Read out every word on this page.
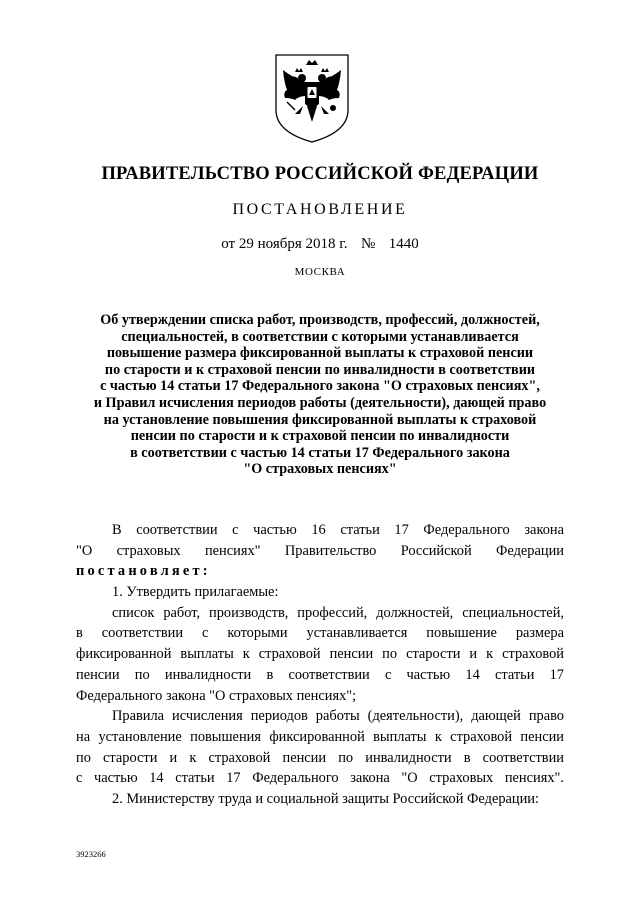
ПРАВИТЕЛЬСТВО РОССИЙСКОЙ ФЕДЕРАЦИИ
ПОСТАНОВЛЕНИЕ
от 29 ноября 2018 г. № 1440
МОСКВА
Об утверждении списка работ, производств, профессий, должностей,
специальностей, в соответствии с которыми устанавливается
повышение размера фиксированной выплаты к страховой пенсии
по старости и к страховой пенсии по инвалидности в соответствии
с частью 14 статьи 17 Федерального закона "О страховых пенсиях",
и Правил исчисления периодов работы (деятельности), дающей право
на установление повышения фиксированной выплаты к страховой
пенсии по старости и к страховой пенсии по инвалидности
в соответствии с частью 14 статьи 17 Федерального закона
"О страховых пенсиях"
В соответствии с частью 16 статьи 17 Федерального закона
"О страховых пенсиях" Правительство Российской Федерации
постановляет:
1. Утвердить прилагаемые:
список работ, производств, профессий, должностей, специальностей,
в соответствии с которыми устанавливается повышение размера
фиксированной выплаты к страховой пенсии по старости и к страховой
пенсии по инвалидности в соответствии с частью 14 статьи 17
Федерального закона "О страховых пенсиях";
Правила исчисления периодов работы (деятельности), дающей право
на установление повышения фиксированной выплаты к страховой пенсии
по старости и к страховой пенсии по инвалидности в соответствии
с частью 14 статьи 17 Федерального закона "О страховых пенсиях".
2. Министерству труда и социальной защиты Российской Федерации:
3923266
